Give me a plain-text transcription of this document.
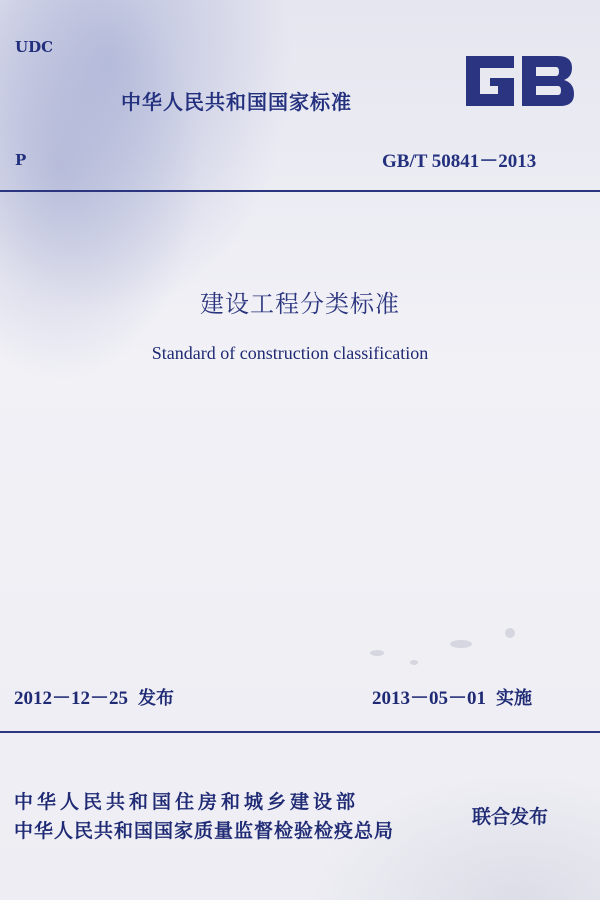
UDC
中华人民共和国国家标准
P	GB/T 50841－2013
建设工程分类标准
Standard of construction classification
2012－12－25 发布	2013－05－01 实施
中华人民共和国住房和城乡建设部
中华人民共和国国家质量监督检验检疫总局
联合发布
